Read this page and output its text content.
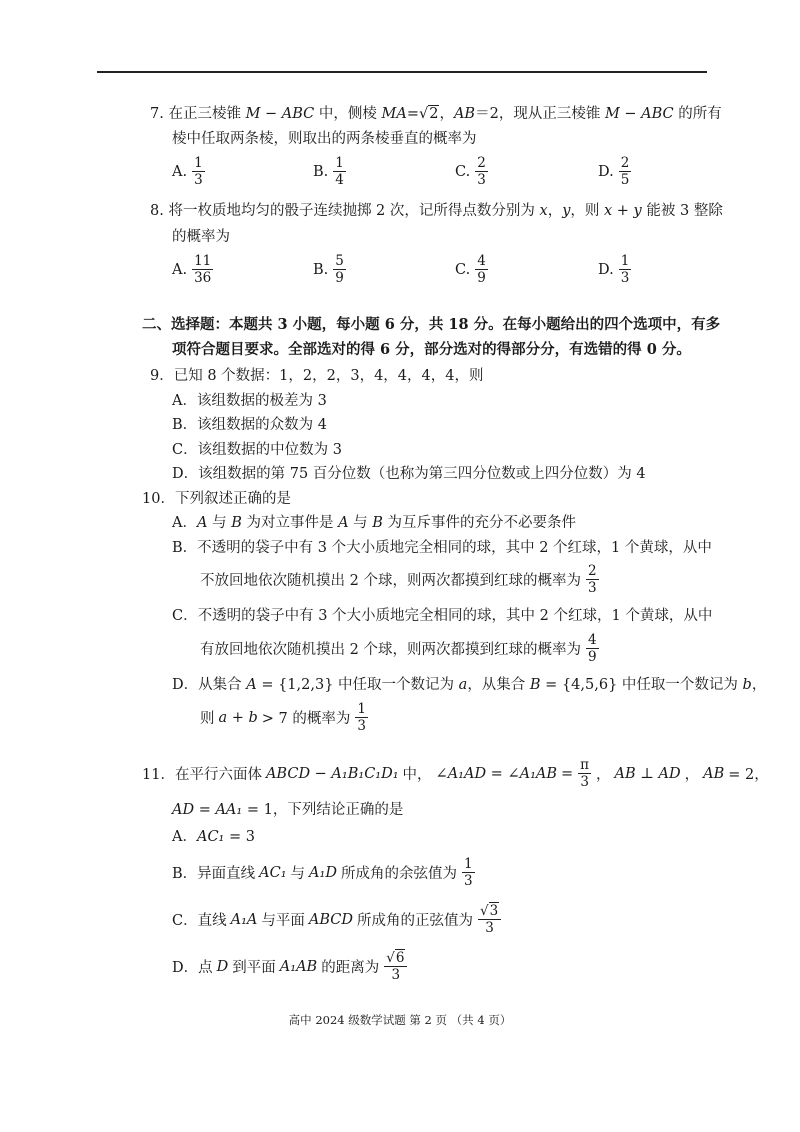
7. 在正三棱锥 M − ABC 中，侧棱 MA=√2，AB＝2，现从正三棱锥 M − ABC 的所有
棱中任取两条棱，则取出的两条棱垂直的概率为
A. $\frac{1}{3}$	B. $\frac{1}{4}$	C. $\frac{2}{3}$	D. $\frac{2}{5}$
8. 将一枚质地均匀的骰子连续抛掷 2 次，记所得点数分别为 x，y，则 x + y 能被 3 整除
的概率为
A. $\frac{11}{36}$	B. $\frac{5}{9}$	C. $\frac{4}{9}$	D. $\frac{1}{3}$
二、选择题：本题共 3 小题，每小题 6 分，共 18 分。在每小题给出的四个选项中，有多
项符合题目要求。全部选对的得 6 分，部分选对的得部分分，有选错的得 0 分。
9．已知 8 个数据：1，2，2，3，4，4，4，4，则
A．该组数据的极差为 3
B．该组数据的众数为 4
C．该组数据的中位数为 3
D．该组数据的第 75 百分位数（也称为第三四分位数或上四分位数）为 4
10．下列叙述正确的是
A．A 与 B 为对立事件是 A 与 B 为互斥事件的充分不必要条件
B．不透明的袋子中有 3 个大小质地完全相同的球，其中 2 个红球，1 个黄球，从中
不放回地依次随机摸出 2 个球，则两次都摸到红球的概率为 $\frac{2}{3}$
C．不透明的袋子中有 3 个大小质地完全相同的球，其中 2 个红球，1 个黄球，从中
有放回地依次随机摸出 2 个球，则两次都摸到红球的概率为 $\frac{4}{9}$
D．从集合 A = {1,2,3} 中任取一个数记为 a，从集合 B = {4,5,6} 中任取一个数记为 b，
则 a + b > 7 的概率为 $\frac{1}{3}$
11．在平行六面体 ABCD − A₁B₁C₁D₁ 中， ∠A₁AD = ∠A₁AB = $\frac{\pi}{3}$ ， AB ⊥ AD ， AB = 2，
AD = AA₁ = 1，下列结论正确的是
A．AC₁ = 3
B．异面直线 AC₁ 与 A₁D 所成角的余弦值为 $\frac{1}{3}$
C．直线 A₁A 与平面 ABCD 所成角的正弦值为 $\frac{√3}{3}$
D．点 D 到平面 A₁AB 的距离为 $\frac{√6}{3}$
高中 2024 级数学试题 第 2 页 （共 4 页）
